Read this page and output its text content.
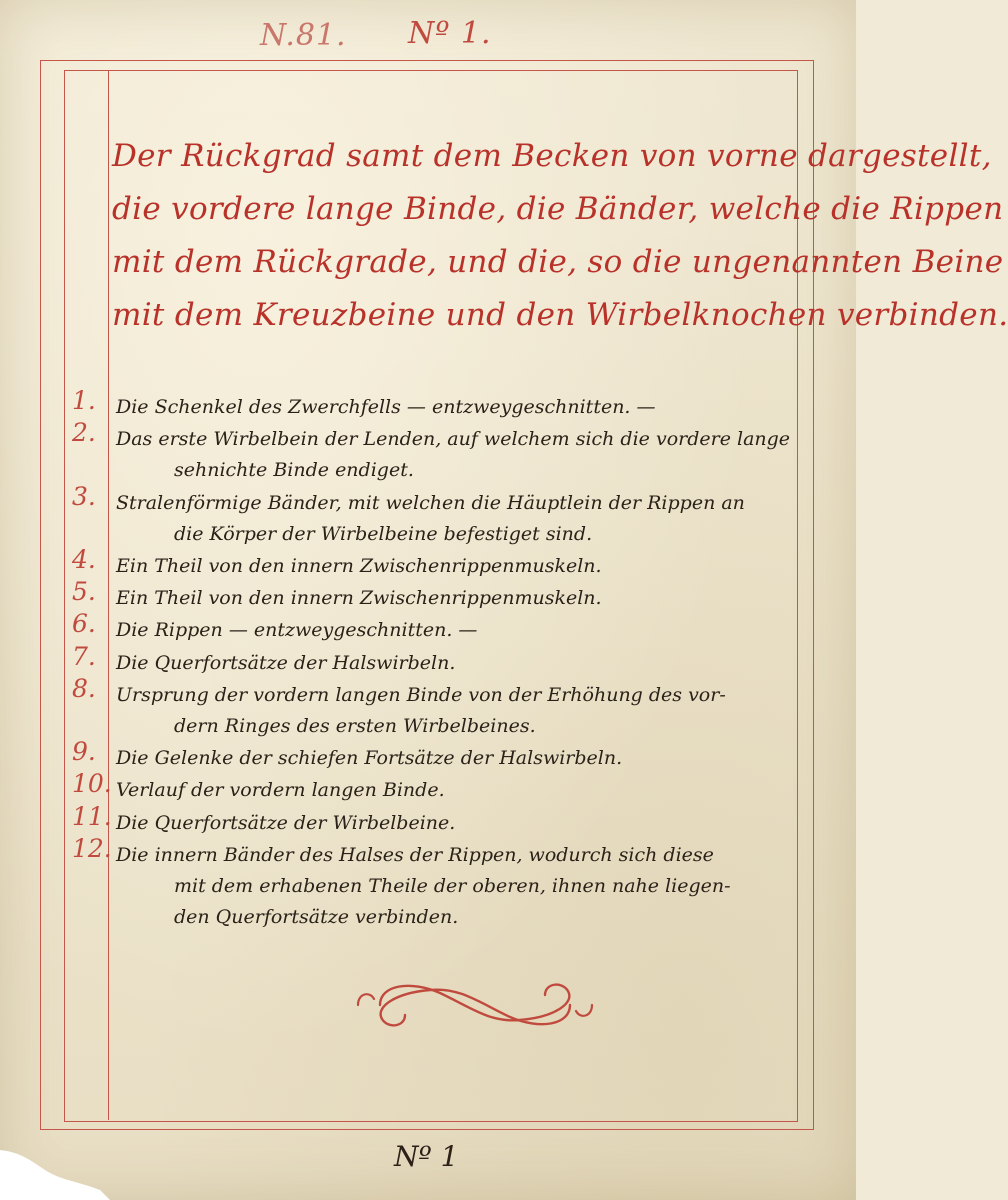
N.81. Nº 1.
Der Rückgrad samt dem Becken von vorne dargestellt,
die vordere lange Binde, die Bänder, welche die Rippen
mit dem Rückgrade, und die, so die ungenannten Beine
mit dem Kreuzbeine und den Wirbelknochen verbinden.
1.	Die Schenkel des Zwerchfells — entzweygeschnitten. —
2.	Das erste Wirbelbein der Lenden, auf welchem sich die vordere lange
sehnichte Binde endiget.
3.	Stralenförmige Bänder, mit welchen die Häuptlein der Rippen an
die Körper der Wirbelbeine befestiget sind.
4.	Ein Theil von den innern Zwischenrippenmuskeln.
5.	Ein Theil von den innern Zwischenrippenmuskeln.
6.	Die Rippen — entzweygeschnitten. —
7.	Die Querfortsätze der Halswirbeln.
8.	Ursprung der vordern langen Binde von der Erhöhung des vor-
dern Ringes des ersten Wirbelbeines.
9.	Die Gelenke der schiefen Fortsätze der Halswirbeln.
10. Verlauf der vordern langen Binde.
11. Die Querfortsätze der Wirbelbeine.
12. Die innern Bänder des Halses der Rippen, wodurch sich diese
mit dem erhabenen Theile der oberen, ihnen nahe liegen-
den Querfortsätze verbinden.
Nº 1
